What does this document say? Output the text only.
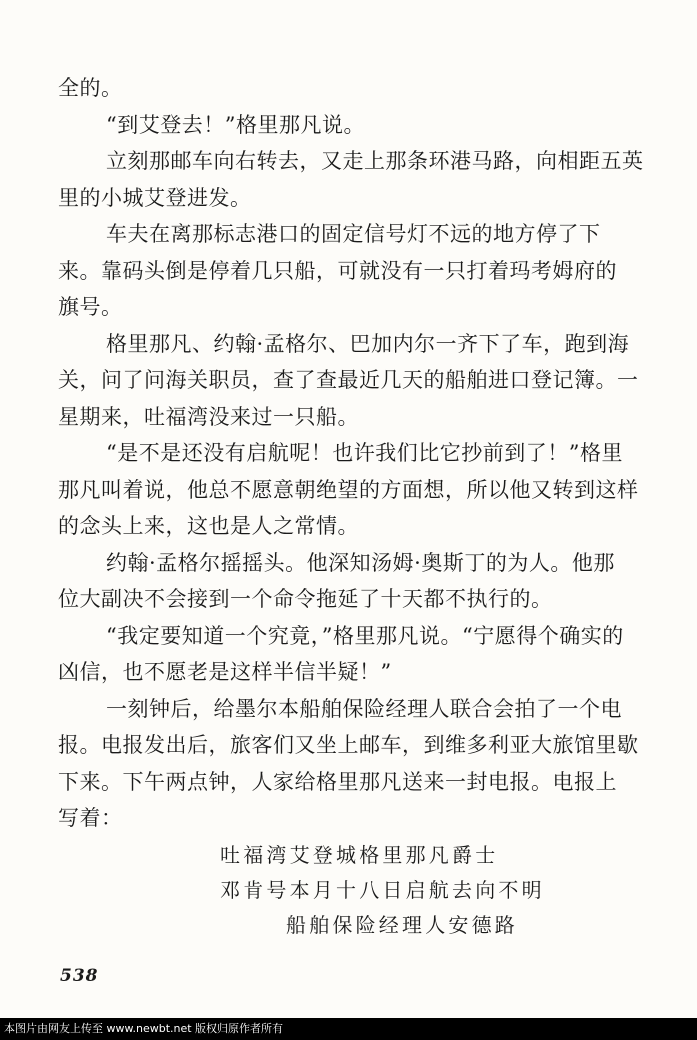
全的。
“到艾登去！”格里那凡说。
立刻那邮车向右转去，又走上那条环港马路，向相距五英
里的小城艾登进发。
车夫在离那标志港口的固定信号灯不远的地方停了下
来。靠码头倒是停着几只船，可就没有一只打着玛考姆府的
旗号。
格里那凡、约翰·孟格尔、巴加内尔一齐下了车，跑到海
关，问了问海关职员，查了查最近几天的船舶进口登记簿。一
星期来，吐福湾没来过一只船。
“是不是还没有启航呢！也许我们比它抄前到了！”格里
那凡叫着说，他总不愿意朝绝望的方面想，所以他又转到这样
的念头上来，这也是人之常情。
约翰·孟格尔摇摇头。他深知汤姆·奥斯丁的为人。他那
位大副决不会接到一个命令拖延了十天都不执行的。
“我定要知道一个究竟，”格里那凡说。“宁愿得个确实的
凶信，也不愿老是这样半信半疑！”
一刻钟后，给墨尔本船舶保险经理人联合会拍了一个电
报。电报发出后，旅客们又坐上邮车，到维多利亚大旅馆里歇
下来。下午两点钟，人家给格里那凡送来一封电报。电报上
写着：
吐福湾艾登城格里那凡爵士
邓肯号本月十八日启航去向不明
船舶保险经理人安德路
538
本图片由网友上传至 www.newbt.net 版权归原作者所有
